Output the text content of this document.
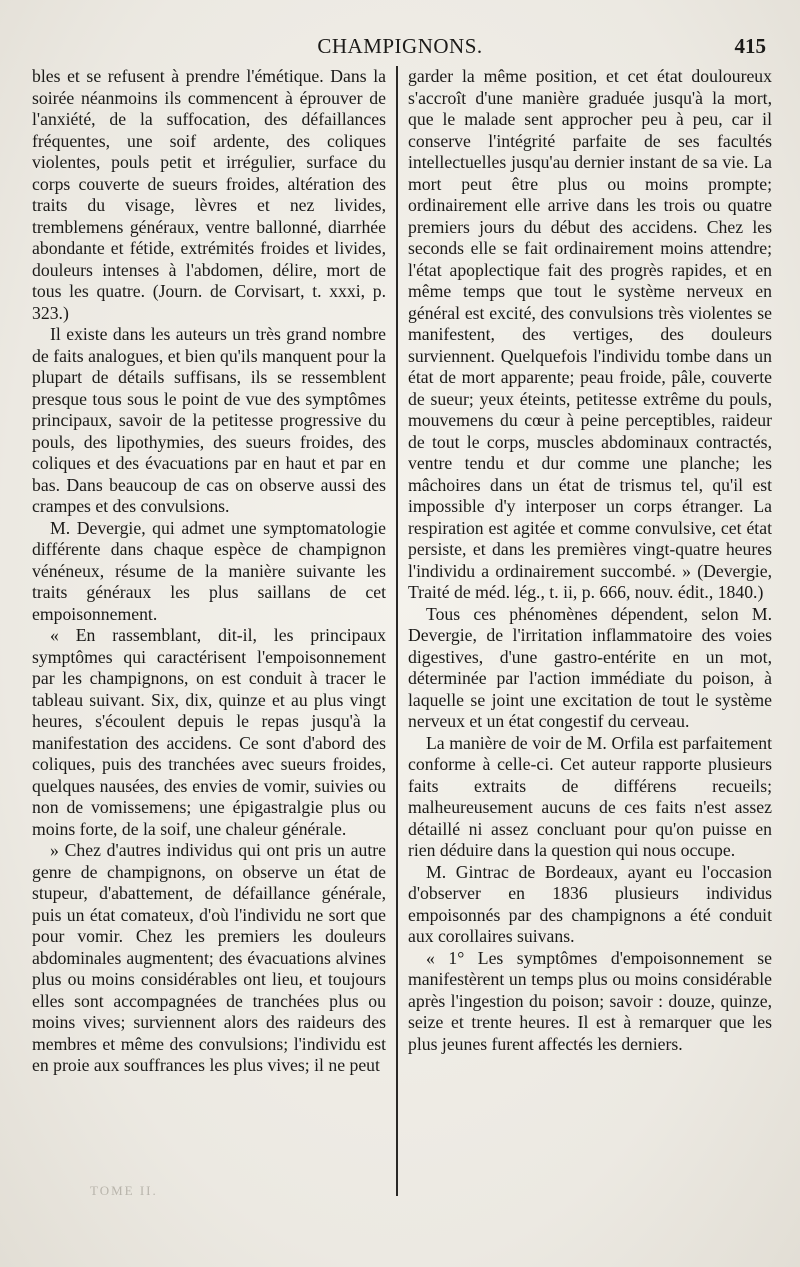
CHAMPIGNONS.	415

bles et se refusent à prendre l'émétique. Dans la soirée néanmoins ils commencent à éprouver de l'anxiété, de la suffocation, des défaillances fréquentes, une soif ardente, des coliques violentes, pouls petit et irrégulier, surface du corps couverte de sueurs froides, altération des traits du visage, lèvres et nez livides, tremblemens généraux, ventre ballonné, diarrhée abondante et fétide, extrémités froides et livides, douleurs intenses à l'abdomen, délire, mort de tous les quatre. (Journ. de Corvisart, t. xxxi, p. 323.)

Il existe dans les auteurs un très grand nombre de faits analogues, et bien qu'ils manquent pour la plupart de détails suffisans, ils se ressemblent presque tous sous le point de vue des symptômes principaux, savoir de la petitesse progressive du pouls, des lipothymies, des sueurs froides, des coliques et des évacuations par en haut et par en bas. Dans beaucoup de cas on observe aussi des crampes et des convulsions.

M. Devergie, qui admet une symptomatologie différente dans chaque espèce de champignon vénéneux, résume de la manière suivante les traits généraux les plus saillans de cet empoisonnement.

« En rassemblant, dit-il, les principaux symptômes qui caractérisent l'empoisonnement par les champignons, on est conduit à tracer le tableau suivant. Six, dix, quinze et au plus vingt heures, s'écoulent depuis le repas jusqu'à la manifestation des accidens. Ce sont d'abord des coliques, puis des tranchées avec sueurs froides, quelques nausées, des envies de vomir, suivies ou non de vomissemens; une épigastralgie plus ou moins forte, de la soif, une chaleur générale.

» Chez d'autres individus qui ont pris un autre genre de champignons, on observe un état de stupeur, d'abattement, de défaillance générale, puis un état comateux, d'où l'individu ne sort que pour vomir. Chez les premiers les douleurs abdominales augmentent; des évacuations alvines plus ou moins considérables ont lieu, et toujours elles sont accompagnées de tranchées plus ou moins vives; surviennent alors des raideurs des membres et même des convulsions; l'individu est en proie aux souffrances les plus vives; il ne peut

garder la même position, et cet état douloureux s'accroît d'une manière graduée jusqu'à la mort, que le malade sent approcher peu à peu, car il conserve l'intégrité parfaite de ses facultés intellectuelles jusqu'au dernier instant de sa vie. La mort peut être plus ou moins prompte; ordinairement elle arrive dans les trois ou quatre premiers jours du début des accidens. Chez les seconds elle se fait ordinairement moins attendre; l'état apoplectique fait des progrès rapides, et en même temps que tout le système nerveux en général est excité, des convulsions très violentes se manifestent, des vertiges, des douleurs surviennent. Quelquefois l'individu tombe dans un état de mort apparente; peau froide, pâle, couverte de sueur; yeux éteints, petitesse extrême du pouls, mouvemens du cœur à peine perceptibles, raideur de tout le corps, muscles abdominaux contractés, ventre tendu et dur comme une planche; les mâchoires dans un état de trismus tel, qu'il est impossible d'y interposer un corps étranger. La respiration est agitée et comme convulsive, cet état persiste, et dans les premières vingt-quatre heures l'individu a ordinairement succombé. » (Devergie, Traité de méd. lég., t. ii, p. 666, nouv. édit., 1840.)

Tous ces phénomènes dépendent, selon M. Devergie, de l'irritation inflammatoire des voies digestives, d'une gastro-entérite en un mot, déterminée par l'action immédiate du poison, à laquelle se joint une excitation de tout le système nerveux et un état congestif du cerveau.

La manière de voir de M. Orfila est parfaitement conforme à celle-ci. Cet auteur rapporte plusieurs faits extraits de différens recueils; malheureusement aucuns de ces faits n'est assez détaillé ni assez concluant pour qu'on puisse en rien déduire dans la question qui nous occupe.

M. Gintrac de Bordeaux, ayant eu l'occasion d'observer en 1836 plusieurs individus empoisonnés par des champignons a été conduit aux corollaires suivans.

« 1° Les symptômes d'empoisonnement se manifestèrent un temps plus ou moins considérable après l'ingestion du poison; savoir : douze, quinze, seize et trente heures. Il est à remarquer que les plus jeunes furent affectés les derniers.

TOME II.
